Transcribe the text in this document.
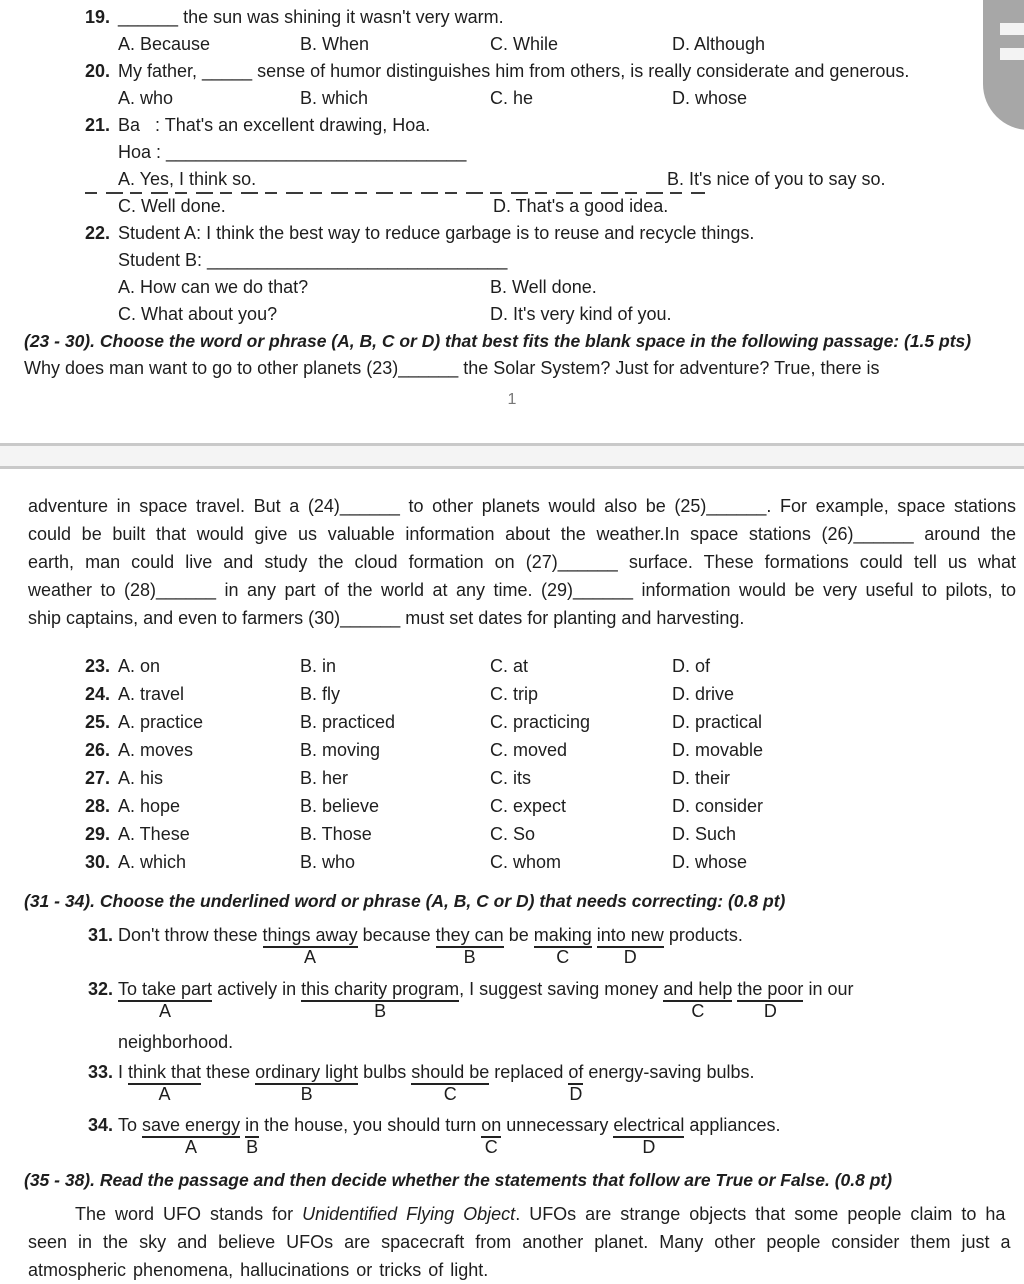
19. ______ the sun was shining it wasn't very warm.
A. Because	B. When	C. While	D. Although
20. My father, _____ sense of humor distinguishes him from others, is really considerate and generous.
A. who	B. which	C. he	D. whose
21. Ba   : That's an excellent drawing, Hoa.
Hoa : ______________________________
A. Yes, I think so.	B. It's nice of you to say so.
C. Well done.	D. That's a good idea.
22. Student A: I think the best way to reduce garbage is to reuse and recycle things.
Student B: ______________________________
A. How can we do that?	B. Well done.
C. What about you?	D. It's very kind of you.
(23 - 30). Choose the word or phrase (A, B, C or D) that best fits the blank space in the following passage: (1.5 pts)
Why does man want to go to other planets (23)______ the Solar System? Just for adventure? True, there is
1
adventure in space travel. But a (24)______ to other planets would also be (25)______. For example, space stations
could be built that would give us valuable information about the weather.In space stations (26)______ around the
earth, man could live and study the cloud formation on (27)______ surface. These formations could tell us what
weather to (28)______ in any part of the world at any time. (29)______ information would be very useful to pilots, to
ship captains, and even to farmers (30)______ must set dates for planting and harvesting.
23. A. on	B. in	C. at	D. of
24. A. travel	B. fly	C. trip	D. drive
25. A. practice	B. practiced	C. practicing	D. practical
26. A. moves	B. moving	C. moved	D. movable
27. A. his	B. her	C. its	D. their
28. A. hope	B. believe	C. expect	D. consider
29. A. These	B. Those	C. So	D. Such
30. A. which	B. who	C. whom	D. whose
(31 - 34). Choose the underlined word or phrase (A, B, C or D) that needs correcting: (0.8 pt)
31. Don't throw these things away
A
because they can
B
be making
C
into new
D
products.
32. To take part
A
actively in this charity program
B
, I suggest saving money and help
C
the poor
D
in our
neighborhood.
33. I think that
A
these ordinary light
B
bulbs should be
C
replaced of
D
energy-saving bulbs.
34. To save energy
A
in
B
the house, you should turn on
C
unnecessary electrical
D
appliances.
(35 - 38). Read the passage and then decide whether the statements that follow are True or False. (0.8 pt)
The word UFO stands for Unidentified Flying Object. UFOs are strange objects that some people claim to ha
seen in the sky and believe UFOs are spacecraft from another planet. Many other people consider them just a
atmospheric phenomena, hallucinations or tricks of light.
